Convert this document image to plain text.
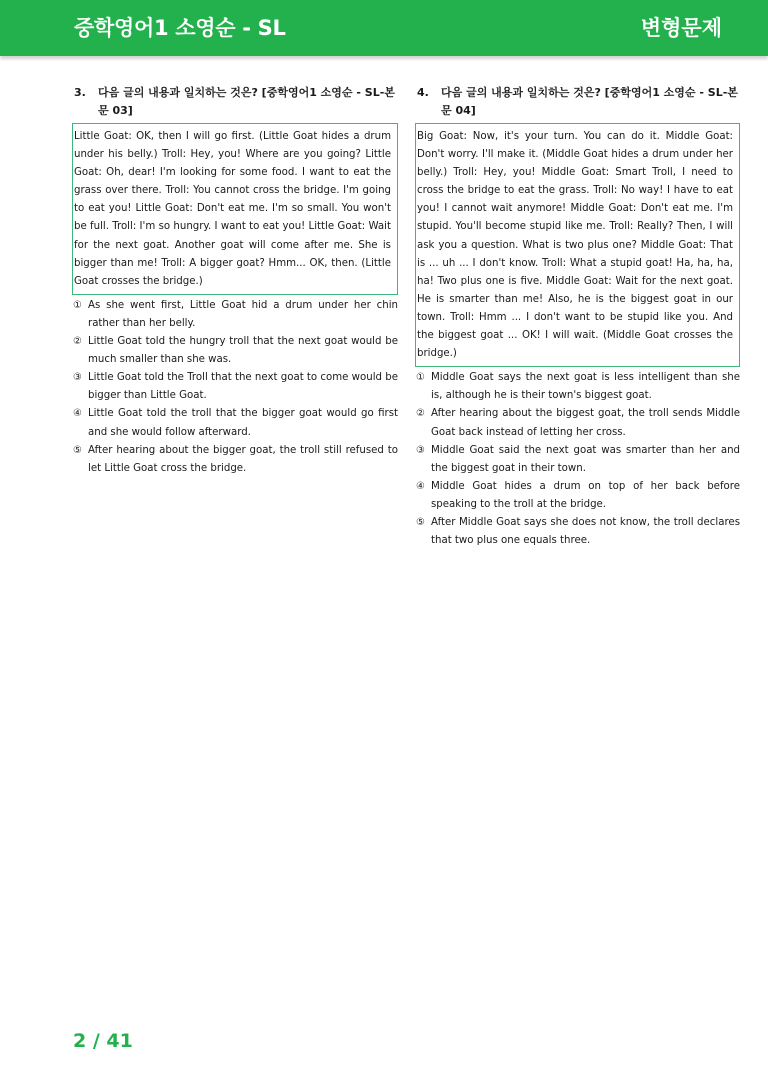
중학영어1 소영순 - SL	변형문제
3.	다음 글의 내용과 일치하는 것은? [중학영어1 소영순 - SL-본문 03]
Little Goat: OK, then I will go first. (Little Goat hides a drum under his belly.) Troll: Hey, you! Where are you going? Little Goat: Oh, dear! I'm looking for some food. I want to eat the grass over there. Troll: You cannot cross the bridge. I'm going to eat you! Little Goat: Don't eat me. I'm so small. You won't be full. Troll: I'm so hungry. I want to eat you! Little Goat: Wait for the next goat. Another goat will come after me. She is bigger than me! Troll: A bigger goat? Hmm... OK, then. (Little Goat crosses the bridge.)
① As she went first, Little Goat hid a drum under her chin rather than her belly.
② Little Goat told the hungry troll that the next goat would be much smaller than she was.
③ Little Goat told the Troll that the next goat to come would be bigger than Little Goat.
④ Little Goat told the troll that the bigger goat would go first and she would follow afterward.
⑤ After hearing about the bigger goat, the troll still refused to let Little Goat cross the bridge.
4.	다음 글의 내용과 일치하는 것은? [중학영어1 소영순 - SL-본문 04]
Big Goat: Now, it's your turn. You can do it. Middle Goat: Don't worry. I'll make it. (Middle Goat hides a drum under her belly.) Troll: Hey, you! Middle Goat: Smart Troll, I need to cross the bridge to eat the grass. Troll: No way! I have to eat you! I cannot wait anymore! Middle Goat: Don't eat me. I'm stupid. You'll become stupid like me. Troll: Really? Then, I will ask you a question. What is two plus one? Middle Goat: That is ... uh ... I don't know. Troll: What a stupid goat! Ha, ha, ha, ha! Two plus one is five. Middle Goat: Wait for the next goat. He is smarter than me! Also, he is the biggest goat in our town. Troll: Hmm ... I don't want to be stupid like you. And the biggest goat ... OK! I will wait. (Middle Goat crosses the bridge.)
① Middle Goat says the next goat is less intelligent than she is, although he is their town's biggest goat.
② After hearing about the biggest goat, the troll sends Middle Goat back instead of letting her cross.
③ Middle Goat said the next goat was smarter than her and the biggest goat in their town.
④ Middle Goat hides a drum on top of her back before speaking to the troll at the bridge.
⑤ After Middle Goat says she does not know, the troll declares that two plus one equals three.
2 / 41
